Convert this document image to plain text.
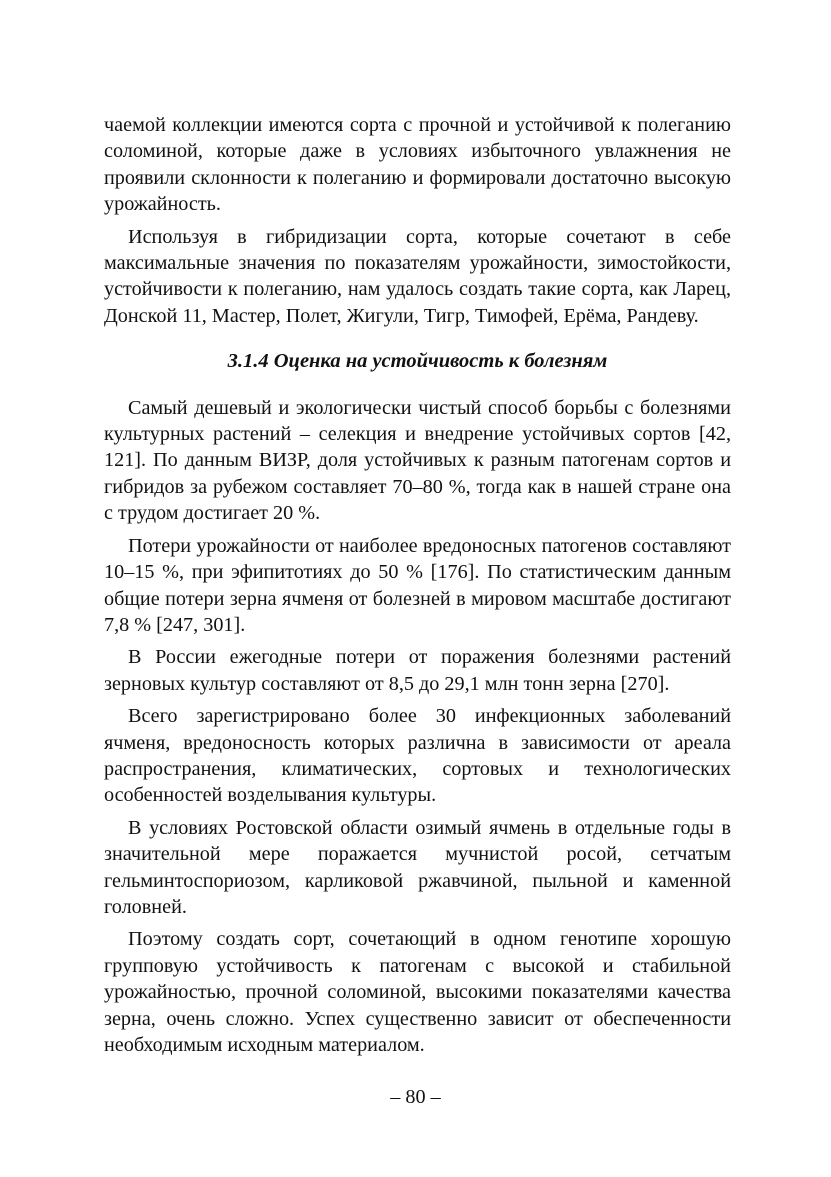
чаемой коллекции имеются сорта с прочной и устойчивой к полеганию соломиной, которые даже в условиях избыточного увлажнения не проявили склонности к полеганию и формировали достаточно высокую урожайность.

Используя в гибридизации сорта, которые сочетают в себе максимальные значения по показателям урожайности, зимостойкости, устойчивости к полеганию, нам удалось создать такие сорта, как Ларец, Донской 11, Мастер, Полет, Жигули, Тигр, Тимофей, Ерёма, Рандеву.

3.1.4 Оценка на устойчивость к болезням

Самый дешевый и экологически чистый способ борьбы с болезнями культурных растений – селекция и внедрение устойчивых сортов [42, 121]. По данным ВИЗР, доля устойчивых к разным патогенам сортов и гибридов за рубежом составляет 70–80 %, тогда как в нашей стране она с трудом достигает 20 %.

Потери урожайности от наиболее вредоносных патогенов составляют 10–15 %, при эфипитотиях до 50 % [176]. По статистическим данным общие потери зерна ячменя от болезней в мировом масштабе достигают 7,8 % [247, 301].

В России ежегодные потери от поражения болезнями растений зерновых культур составляют от 8,5 до 29,1 млн тонн зерна [270].

Всего зарегистрировано более 30 инфекционных заболеваний ячменя, вредоносность которых различна в зависимости от ареала распространения, климатических, сортовых и технологических особенностей возделывания культуры.

В условиях Ростовской области озимый ячмень в отдельные годы в значительной мере поражается мучнистой росой, сетчатым гельминтоспориозом, карликовой ржавчиной, пыльной и каменной головней.

Поэтому создать сорт, сочетающий в одном генотипе хорошую групповую устойчивость к патогенам с высокой и стабильной урожайностью, прочной соломиной, высокими показателями качества зерна, очень сложно. Успех существенно зависит от обеспеченности необходимым исходным материалом.

– 80 –
